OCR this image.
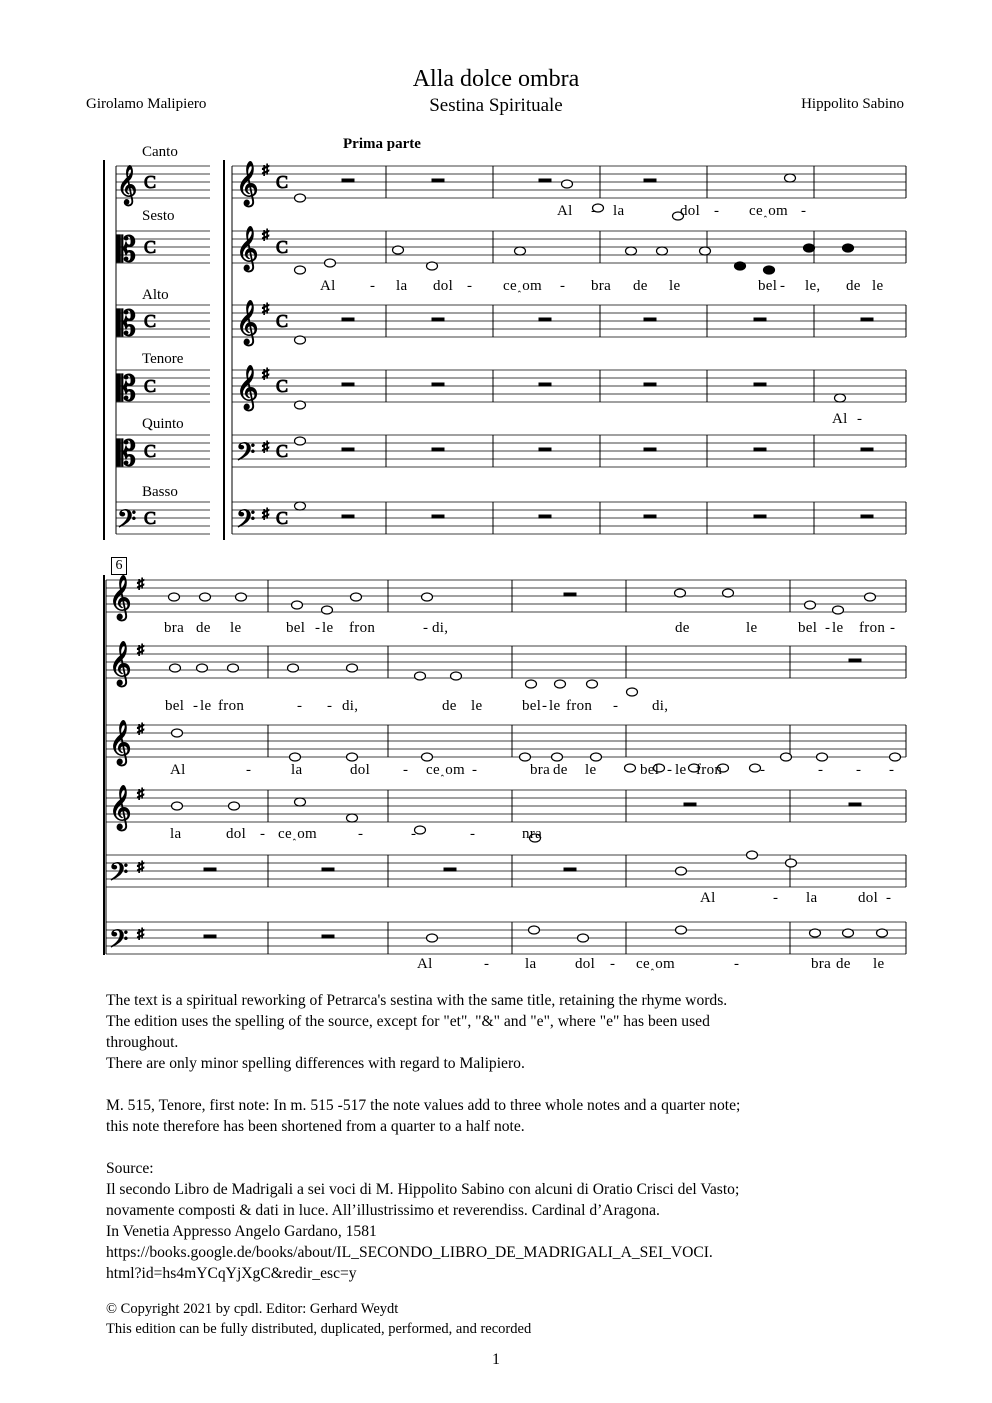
Alla dolce ombra
Sestina Spirituale
Girolamo Malipiero	Hippolito Sabino
Prima parte
Canto
Sesto
Alto
Tenore
Quinto
Basso
𝄞 C 𝄞 C
♯
𝄡 C 𝄞 C
♯
𝄡 C 𝄞 C
♯
𝄡 C 𝄞 C
♯
𝄡 C	𝄢 C
♯
𝄢 C	𝄢 C
♯
𝄞 ♯
𝄞 ♯
𝄞 ♯
𝄞 ♯
𝄢 ♯
𝄢 ♯
6
Al - la	dol - ce˰om -
Al - la dol - ce˰om - bra de le	bel - le, de le
Al -
bra de le	bel - le fron	- di,	de	le	bel - le fron -
bel - le fron	- - di,	de le	bel - le fron - di,
Al	-	la	dol - ce˰om -	bra de le	bel - le fron	-	- - -
la	dol - ce˰om	-	-	-	nra
Al	- la	dol -
Al	- la	dol - ce˰om	-	bra de le

The text is a spiritual reworking of Petrarca's sestina with the same title, retaining the rhyme words.

The edition uses the spelling of the source, except for "et", "&" and "e", where "e" has been used

throughout.

There are only minor spelling differences with regard to Malipiero.

M. 515, Tenore, first note: In m. 515 -517 the note values add to three whole notes and a quarter note;

this note therefore has been shortened from a quarter to a half note.

Source:

Il secondo Libro de Madrigali a sei voci di M. Hippolito Sabino con alcuni di Oratio Crisci del Vasto;

novamente composti & dati in luce. All’illustrissimo et reverendiss. Cardinal d’Aragona.

In Venetia Appresso Angelo Gardano, 1581

https://books.google.de/books/about/IL_SECONDO_LIBRO_DE_MADRIGALI_A_SEI_VOCI.

html?id=hs4mYCqYjXgC&redir_esc=y

© Copyright 2021 by cpdl. Editor: Gerhard Weydt
This edition can be fully distributed, duplicated, performed, and recorded
1
